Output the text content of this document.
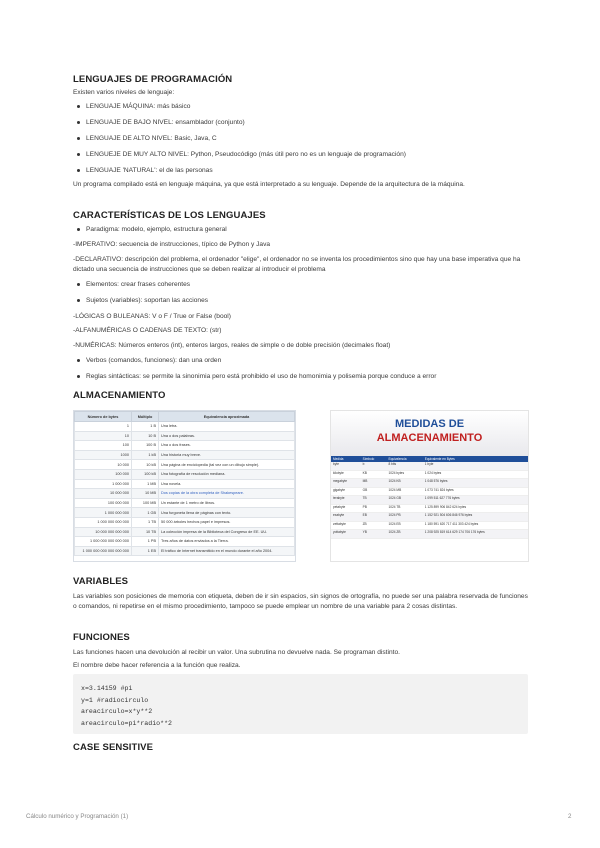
LENGUAJES DE PROGRAMACIÓN

Existen varios niveles de lenguaje:

LENGUAJE MÁQUINA: más básico
LENGUAJE DE BAJO NIVEL: ensamblador (conjunto)
LENGUAJE DE ALTO NIVEL: Basic, Java, C
LENGUEJE DE MUY ALTO NIVEL: Python, Pseudocódigo (más útil pero no es un lenguaje de programación)
LENGUAJE 'NATURAL': el de las personas

Un programa compilado está en lenguaje máquina, ya que está interpretado a su lenguaje. Depende de la arquitectura de la máquina.

CARACTERÍSTICAS DE LOS LENGUAJES
Paradigma: modelo, ejemplo, estructura general

-IMPERATIVO: secuencia de instrucciones, típico de Python y Java

-DECLARATIVO: descripción del problema, el ordenador "elige", el ordenador no se inventa los procedimientos sino que hay una base imperativa que ha dictado una secuencia de instrucciones que se deben realizar al introducir el problema

Elementos: crear frases coherentes
Sujetos (variables): soportan las acciones

-LÓGICAS O BULEANAS: V o F / True or False (bool)

-ALFANUMÉRICAS O CADENAS DE TEXTO: (str)

-NUMÉRICAS: Números enteros (int), enteros largos, reales de simple o de doble precisión (decimales float)

Verbos (comandos, funciones): dan una orden
Reglas sintácticas: se permite la sinonimia pero está prohibido el uso de homonimia y polisemia porque conduce a error
ALMACENAMIENTO
Número de bytes	Múltiplo	Equivalencia aproximada
1	1 B	Una letra.
10	10 B	Una o dos palabras.
100	100 B	Una o dos frases.
1000	1 kB	Una historia muy breve.
10 000	10 kB	Una página de enciclopedia (tal vez con un dibujo simple).
100 000	100 kB	Una fotografía de resolución mediana.
1 000 000	1 MB	Una novela.
10 000 000	10 MB	Dos copias de la obra completa de Shakespeare.
100 000 000	100 MB	Un estante de 1 metro de libros.
1 000 000 000	1 GB	Una furgoneta llena de páginas con texto.
1 000 000 000 000	1 TB	50 000 árboles hechos papel e impresos.
10 000 000 000 000	10 TB	La colección impresa de la Biblioteca del Congreso de EE. UU.
1 000 000 000 000 000	1 PB	Tres años de datos enviados a la Tierra.
1 000 000 000 000 000 000	1 EB	El tráfico de Internet transmitido en el mundo durante el año 2004.
MEDIDAS DE
ALMACENAMIENTO
Medida	Símbolo	Equivalencia	Equivalente en Bytes
byte	b	8 bits	1 byte
kilobyte	KB	1024 bytes	1 024 bytes
megabyte	MB	1024 KB	1 048 576 bytes
gigabyte	GB	1024 MB	1 073 741 824 bytes
terabyte	TB	1024 GB	1 099 511 627 776 bytes
petabyte	PB	1024 TB	1 125 899 906 842 624 bytes
exabyte	EB	1024 PB	1 152 921 504 606 846 976 bytes
zettabyte	ZB	1024 EB	1 180 591 620 717 411 303 424 bytes
yottabyte	YB	1024 ZB	1 208 925 819 614 629 174 706 176 bytes
VARIABLES

Las variables son posiciones de memoria con etiqueta, deben de ir sin espacios, sin signos de ortografía, no puede ser una palabra reservada de funciones o comandos, ni repetirse en el mismo procedimiento, tampoco se puede emplear un nombre de una variable para 2 cosas distintas.

FUNCIONES

Las funciones hacen una devolución al recibir un valor. Una subrutina no devuelve nada. Se programan distinto.

El nombre debe hacer referencia a la función que realiza.

x=3.14159 #pi
y=1 #radiocirculo
areacirculo=x*y**2
areacirculo=pi*radio**2
CASE SENSITIVE
Cálculo numérico y Programación (1)	2
